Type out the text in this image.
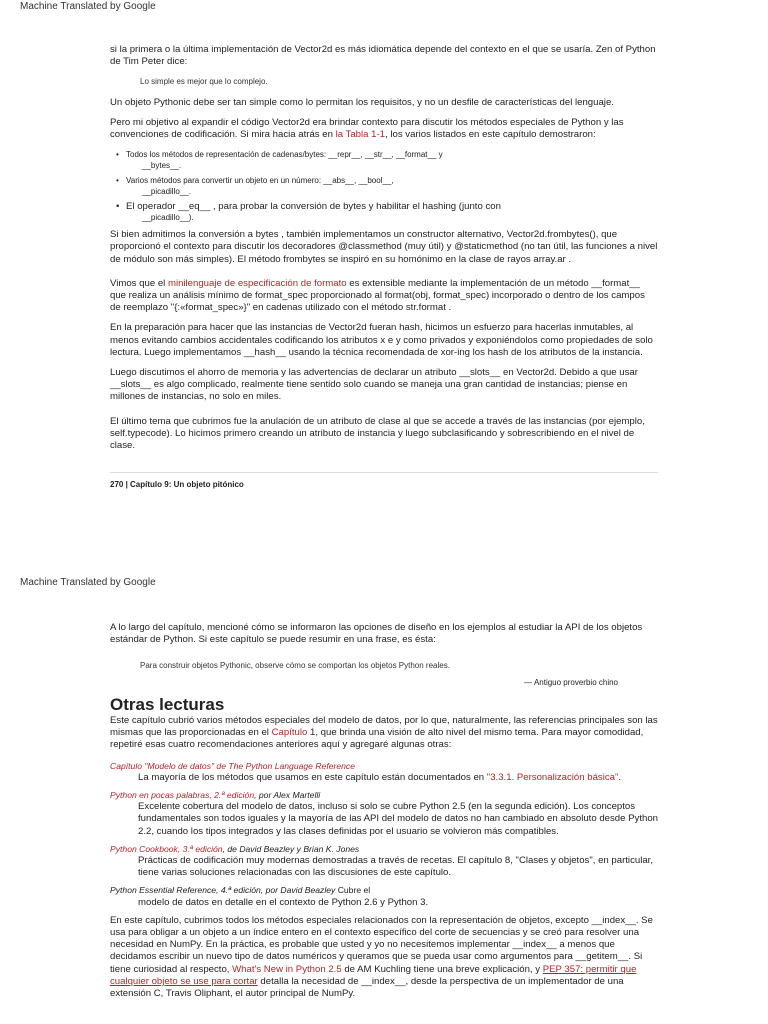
Machine Translated by Google

si la primera o la última implementación de Vector2d es más idiomática depende del contexto en el que se usaría. Zen of Python de Tim Peter dice:

Lo simple es mejor que lo complejo.

Un objeto Pythonic debe ser tan simple como lo permitan los requisitos, y no un desfile de características del lenguaje.

Pero mi objetivo al expandir el código Vector2d era brindar contexto para discutir los métodos especiales de Python y las convenciones de codificación. Si mira hacia atrás en la Tabla 1-1, los varios listados en este capítulo demostraron:

• Todos los métodos de representación de cadenas/bytes: __repr__, __str__, __format__ y
__bytes__.
• Varios métodos para convertir un objeto en un número: __abs__, __bool__,
__picadillo__.
• El operador __eq__ , para probar la conversión de bytes y habilitar el hashing (junto con
__picadillo__).

Si bien admitimos la conversión a bytes , también implementamos un constructor alternativo, Vector2d.frombytes(), que proporcionó el contexto para discutir los decoradores @classmethod (muy útil) y @staticmethod (no tan útil, las funciones a nivel de módulo son más simples). El método frombytes se inspiró en su homónimo en la clase de rayos array.ar .

Vimos que el minilenguaje de especificación de formato es extensible mediante la implementación de un método __format__ que realiza un análisis mínimo de format_spec proporcionado al format(obj, format_spec) incorporado o dentro de los campos de reemplazo "{:«format_spec»}" en cadenas utilizado con el método str.format .

En la preparación para hacer que las instancias de Vector2d fueran hash, hicimos un esfuerzo para hacerlas inmutables, al menos evitando cambios accidentales codificando los atributos x e y como privados y exponiéndolos como propiedades de solo lectura. Luego implementamos __hash__ usando la técnica recomendada de xor-ing los hash de los atributos de la instancia.

Luego discutimos el ahorro de memoria y las advertencias de declarar un atributo __slots__ en Vector2d. Debido a que usar __slots__ es algo complicado, realmente tiene sentido solo cuando se maneja una gran cantidad de instancias; piense en millones de instancias, no solo en miles.

El último tema que cubrimos fue la anulación de un atributo de clase al que se accede a través de las instancias (por ejemplo, self.typecode). Lo hicimos primero creando un atributo de instancia y luego subclasificando y sobrescribiendo en el nivel de clase.

270 | Capítulo 9: Un objeto pitónico
Machine Translated by Google

A lo largo del capítulo, mencioné cómo se informaron las opciones de diseño en los ejemplos al estudiar la API de los objetos estándar de Python. Si este capítulo se puede resumir en una frase, es ésta:

Para construir objetos Pythonic, observe cómo se comportan los objetos Python reales.

— Antiguo proverbio chino

Otras lecturas

Este capítulo cubrió varios métodos especiales del modelo de datos, por lo que, naturalmente, las referencias principales son las mismas que las proporcionadas en el Capítulo 1, que brinda una visión de alto nivel del mismo tema. Para mayor comodidad, repetiré esas cuatro recomendaciones anteriores aquí y agregaré algunas otras:

Capítulo "Modelo de datos" de The Python Language Reference

La mayoría de los métodos que usamos en este capítulo están documentados en "3.3.1. Personalización básica".

Python en pocas palabras, 2.ª edición, por Alex Martelli

Excelente cobertura del modelo de datos, incluso si solo se cubre Python 2.5 (en la segunda edición). Los conceptos fundamentales son todos iguales y la mayoría de las API del modelo de datos no han cambiado en absoluto desde Python 2.2, cuando los tipos integrados y las clases definidas por el usuario se volvieron más compatibles.

Python Cookbook, 3.ª edición, de David Beazley y Brian K. Jones

Prácticas de codificación muy modernas demostradas a través de recetas. El capítulo 8, "Clases y objetos", en particular, tiene varias soluciones relacionadas con las discusiones de este capítulo.

Python Essential Reference, 4.ª edición, por David Beazley Cubre el

modelo de datos en detalle en el contexto de Python 2.6 y Python 3.

En este capítulo, cubrimos todos los métodos especiales relacionados con la representación de objetos, excepto __index__. Se usa para obligar a un objeto a un índice entero en el contexto específico del corte de secuencias y se creó para resolver una necesidad en NumPy. En la práctica, es probable que usted y yo no necesitemos implementar __index__ a menos que decidamos escribir un nuevo tipo de datos numéricos y queramos que se pueda usar como argumentos para __getitem__. Si tiene curiosidad al respecto, What's New in Python 2.5 de AM Kuchling tiene una breve explicación, y PEP 357: permitir que cualquier objeto se use para cortar detalla la necesidad de __index__, desde la perspectiva de un implementador de una extensión C, Travis Oliphant, el autor principal de NumPy.
